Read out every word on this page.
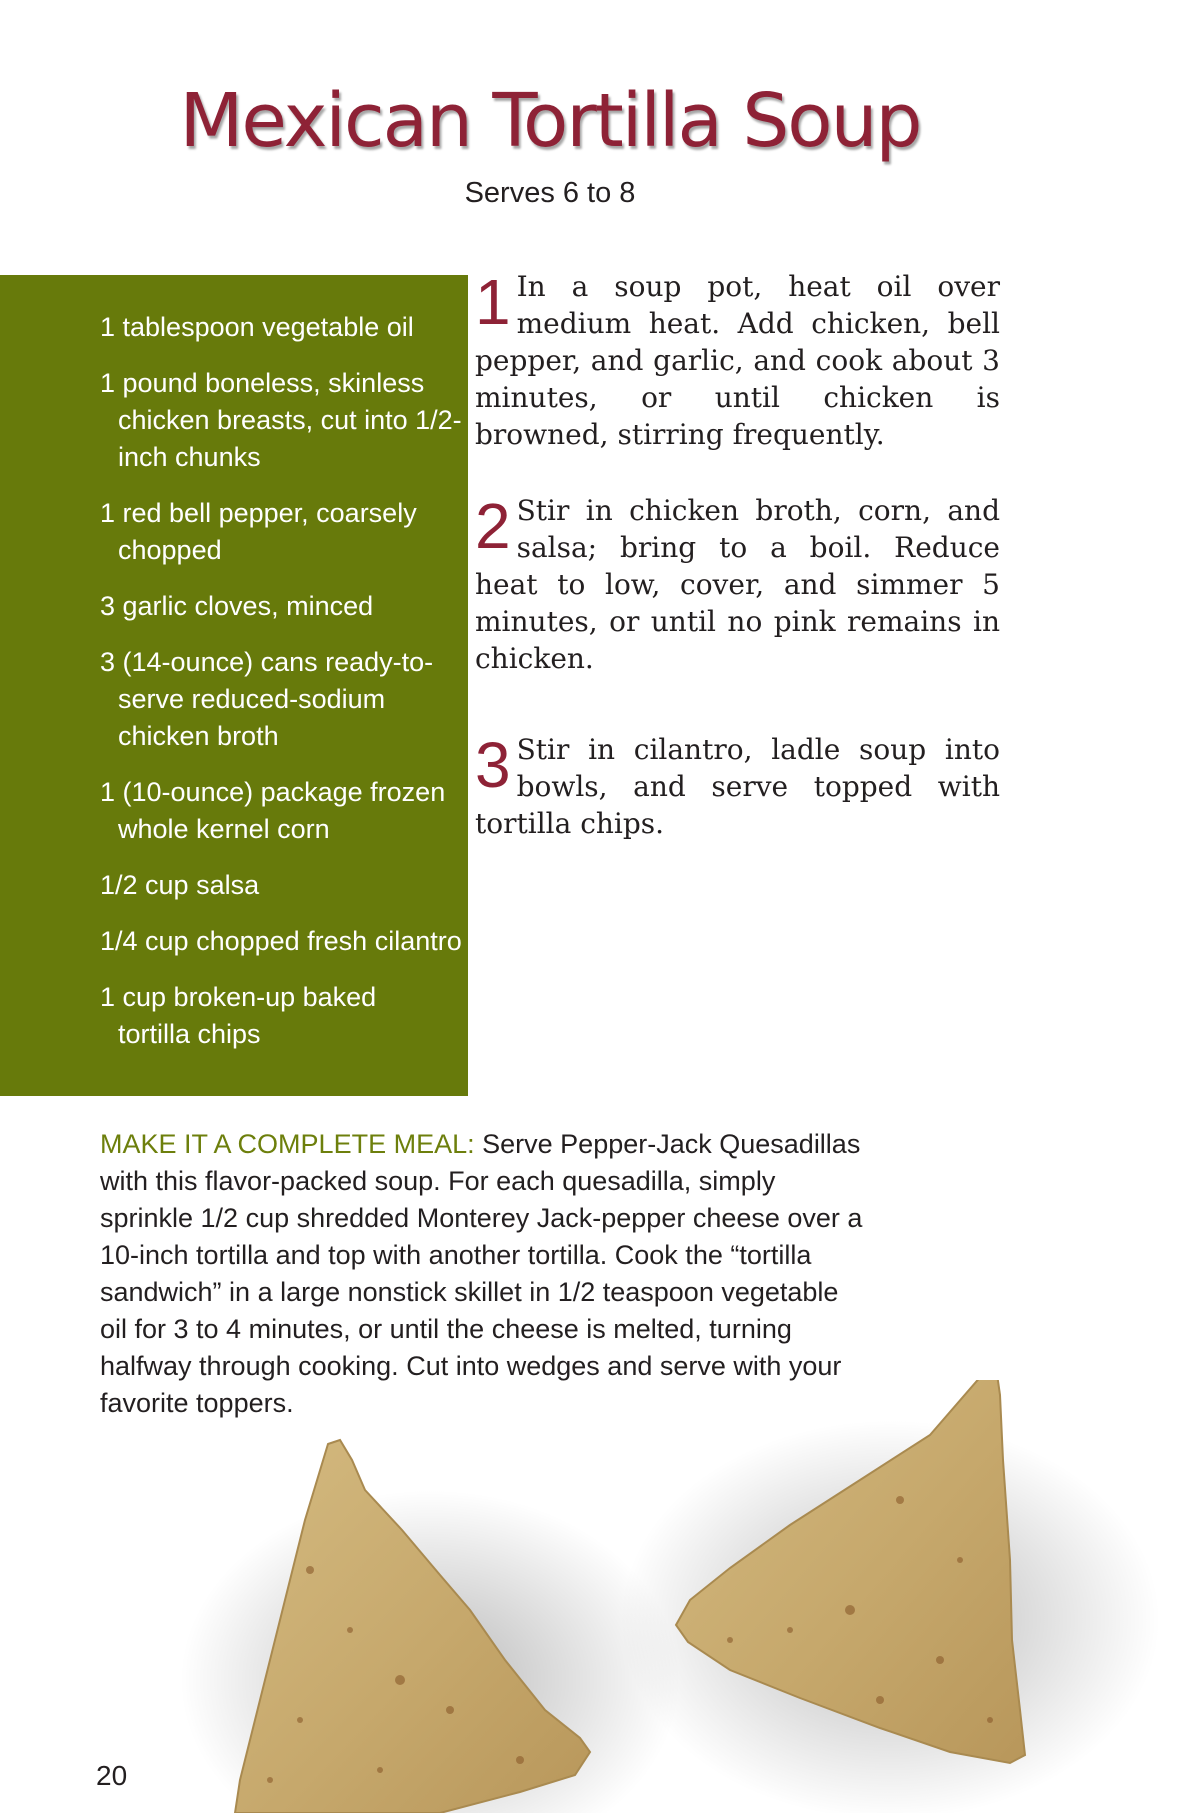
Mexican Tortilla Soup
Serves 6 to 8
1 tablespoon vegetable oil
1 pound boneless, skinless chicken breasts, cut into 1/2-inch chunks
1 red bell pepper, coarsely chopped
3 garlic cloves, minced
3 (14-ounce) cans ready-to-serve reduced-sodium chicken broth
1 (10-ounce) package frozen whole kernel corn
1/2 cup salsa
1/4 cup chopped fresh cilantro
1 cup broken-up baked tortilla chips

1 In a soup pot, heat oil over medium heat. Add chicken, bell pepper, and garlic, and cook about 3 minutes, or until chicken is browned, stirring frequently.

2 Stir in chicken broth, corn, and salsa; bring to a boil. Reduce heat to low, cover, and simmer 5 minutes, or until no pink remains in chicken.

3 Stir in cilantro, ladle soup into bowls, and serve topped with tortilla chips.

MAKE IT A COMPLETE MEAL: Serve Pepper-Jack Quesadillas with this flavor-packed soup. For each quesadilla, simply sprinkle 1/2 cup shredded Monterey Jack-pepper cheese over a 10-inch tortilla and top with another tortilla. Cook the “tortilla sandwich” in a large nonstick skillet in 1/2 teaspoon vegetable oil for 3 to 4 minutes, or until the cheese is melted, turning halfway through cooking. Cut into wedges and serve with your favorite toppers.
20
